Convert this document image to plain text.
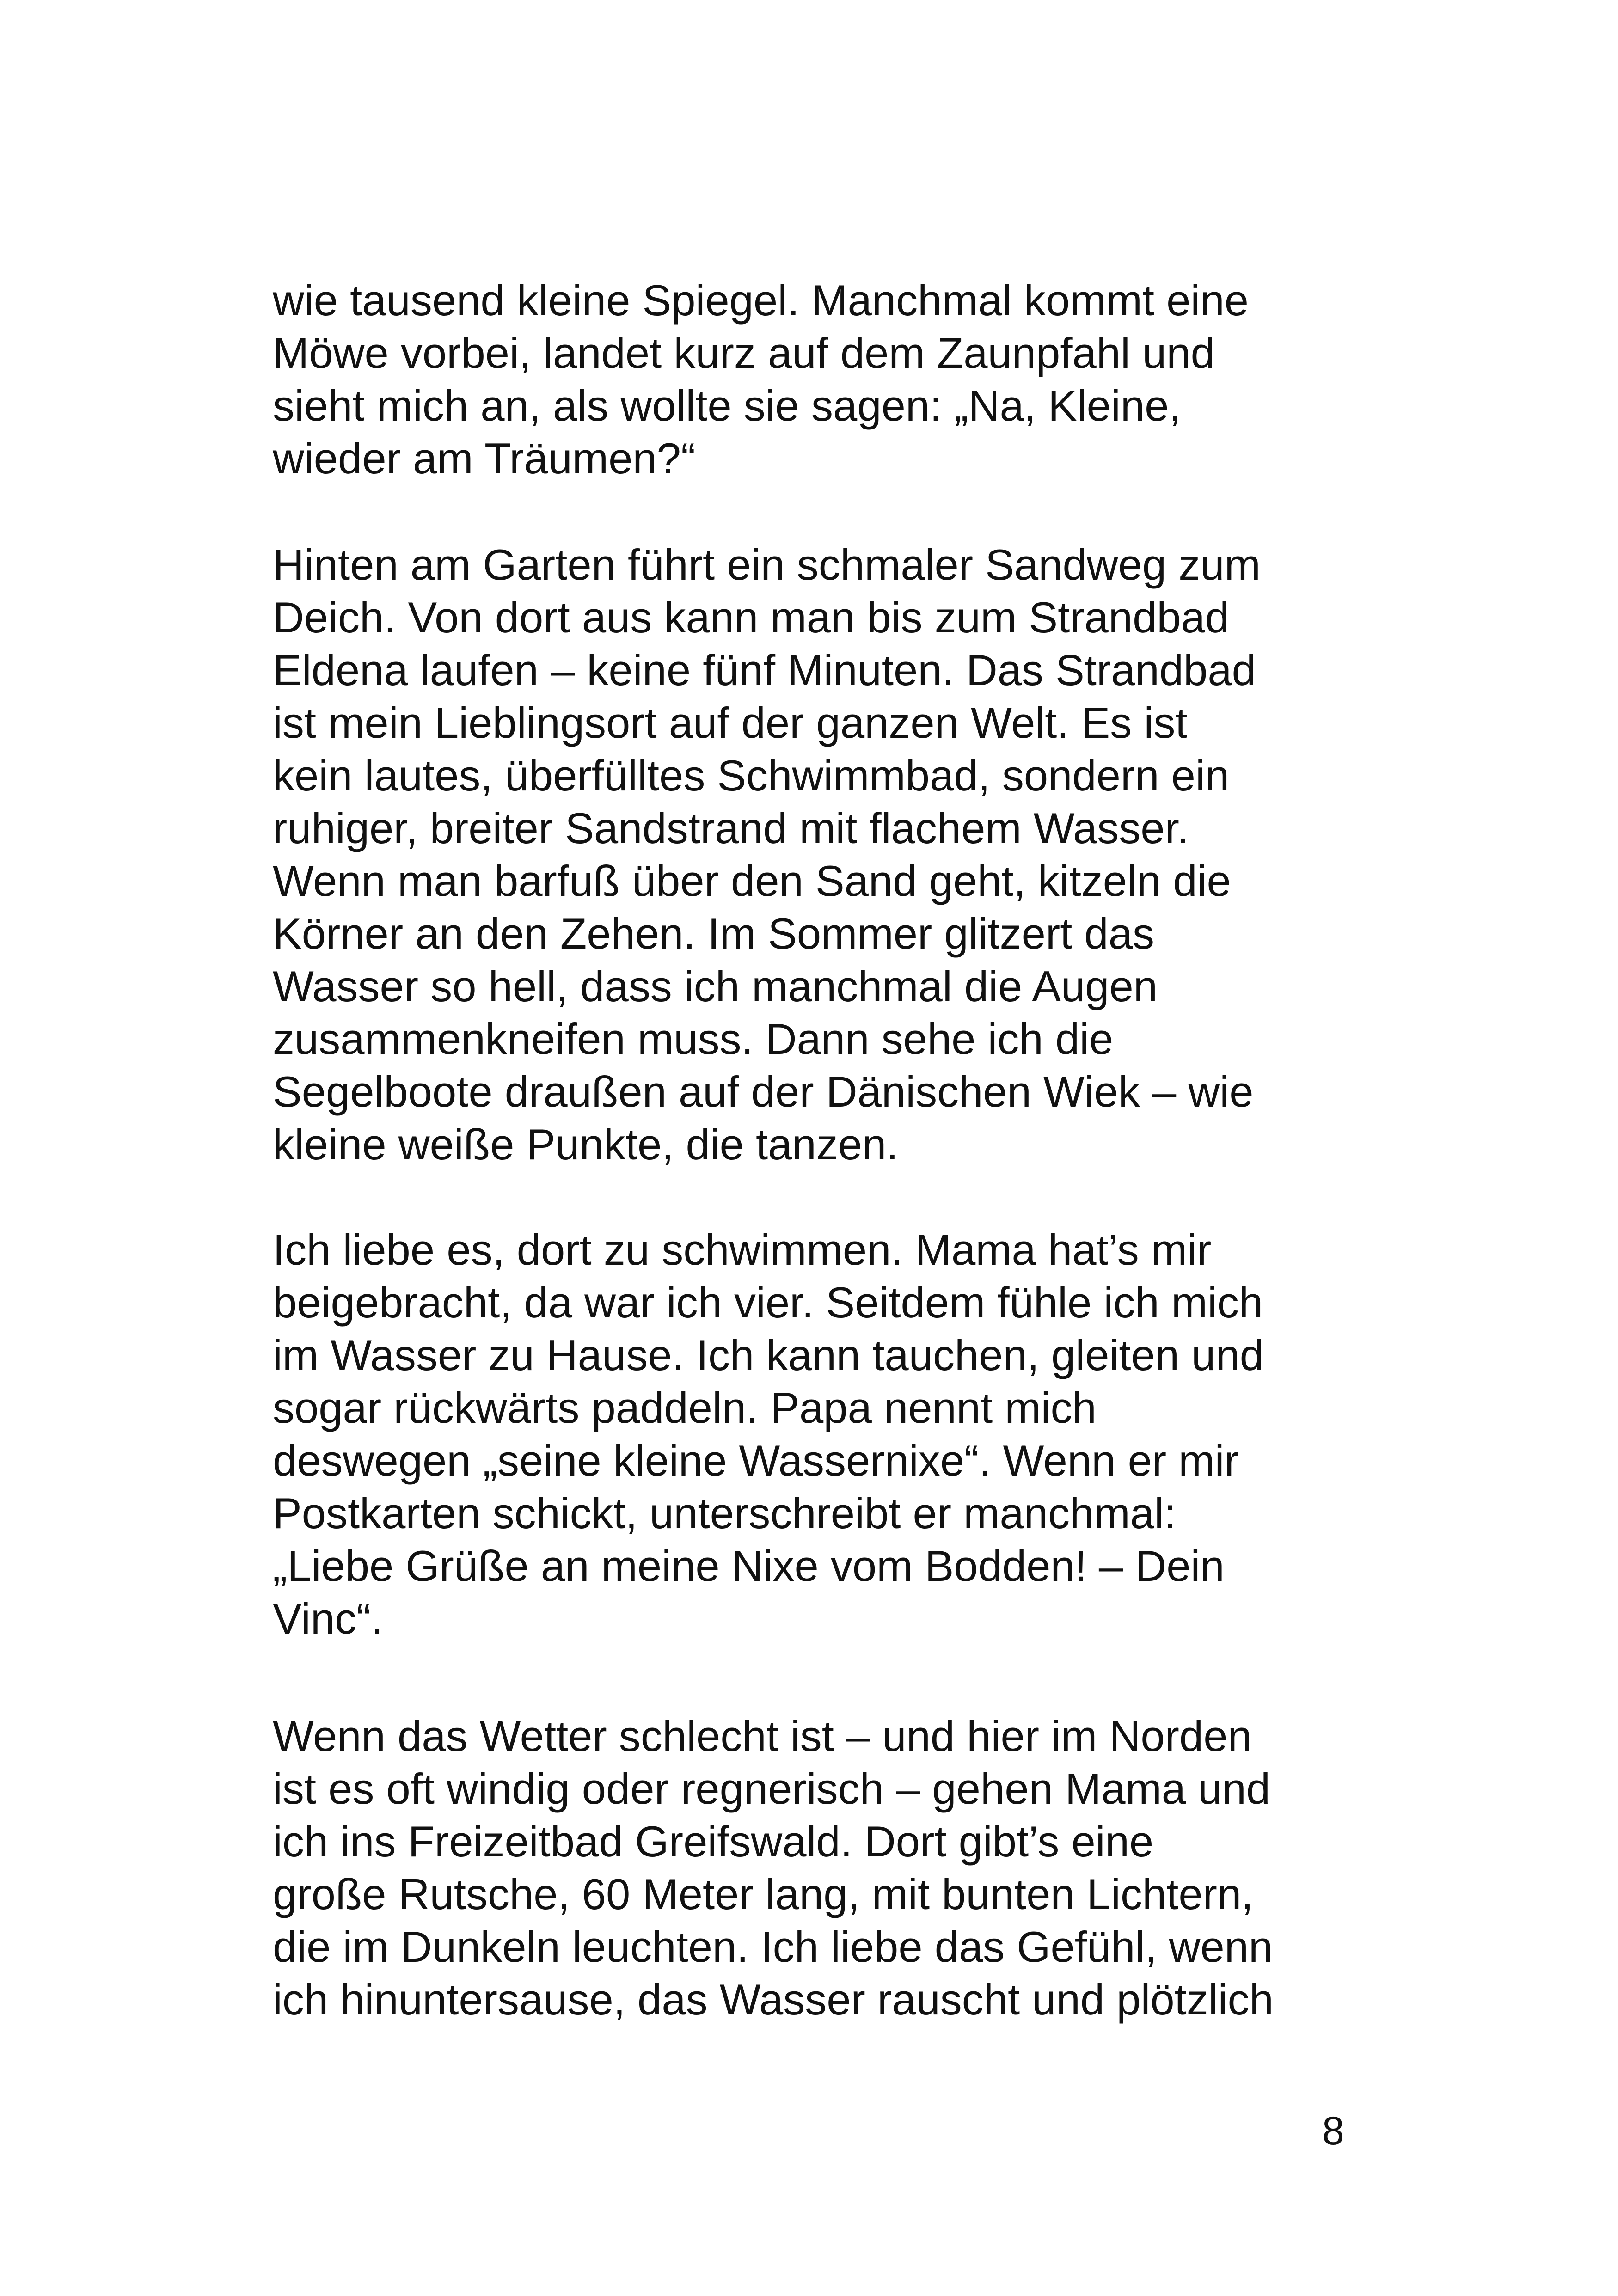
wie tausend kleine Spiegel. Manchmal kommt eine
Möwe vorbei, landet kurz auf dem Zaunpfahl und
sieht mich an, als wollte sie sagen: „Na, Kleine,
wieder am Träumen?“
Hinten am Garten führt ein schmaler Sandweg zum
Deich. Von dort aus kann man bis zum Strandbad
Eldena laufen – keine fünf Minuten. Das Strandbad
ist mein Lieblingsort auf der ganzen Welt. Es ist
kein lautes, überfülltes Schwimmbad, sondern ein
ruhiger, breiter Sandstrand mit flachem Wasser.
Wenn man barfuß über den Sand geht, kitzeln die
Körner an den Zehen. Im Sommer glitzert das
Wasser so hell, dass ich manchmal die Augen
zusammenkneifen muss. Dann sehe ich die
Segelboote draußen auf der Dänischen Wiek – wie
kleine weiße Punkte, die tanzen.
Ich liebe es, dort zu schwimmen. Mama hat’s mir
beigebracht, da war ich vier. Seitdem fühle ich mich
im Wasser zu Hause. Ich kann tauchen, gleiten und
sogar rückwärts paddeln. Papa nennt mich
deswegen „seine kleine Wassernixe“. Wenn er mir
Postkarten schickt, unterschreibt er manchmal:
„Liebe Grüße an meine Nixe vom Bodden! – Dein
Vinc“.
Wenn das Wetter schlecht ist – und hier im Norden
ist es oft windig oder regnerisch – gehen Mama und
ich ins Freizeitbad Greifswald. Dort gibt’s eine
große Rutsche, 60 Meter lang, mit bunten Lichtern,
die im Dunkeln leuchten. Ich liebe das Gefühl, wenn
ich hinuntersause, das Wasser rauscht und plötzlich
8
